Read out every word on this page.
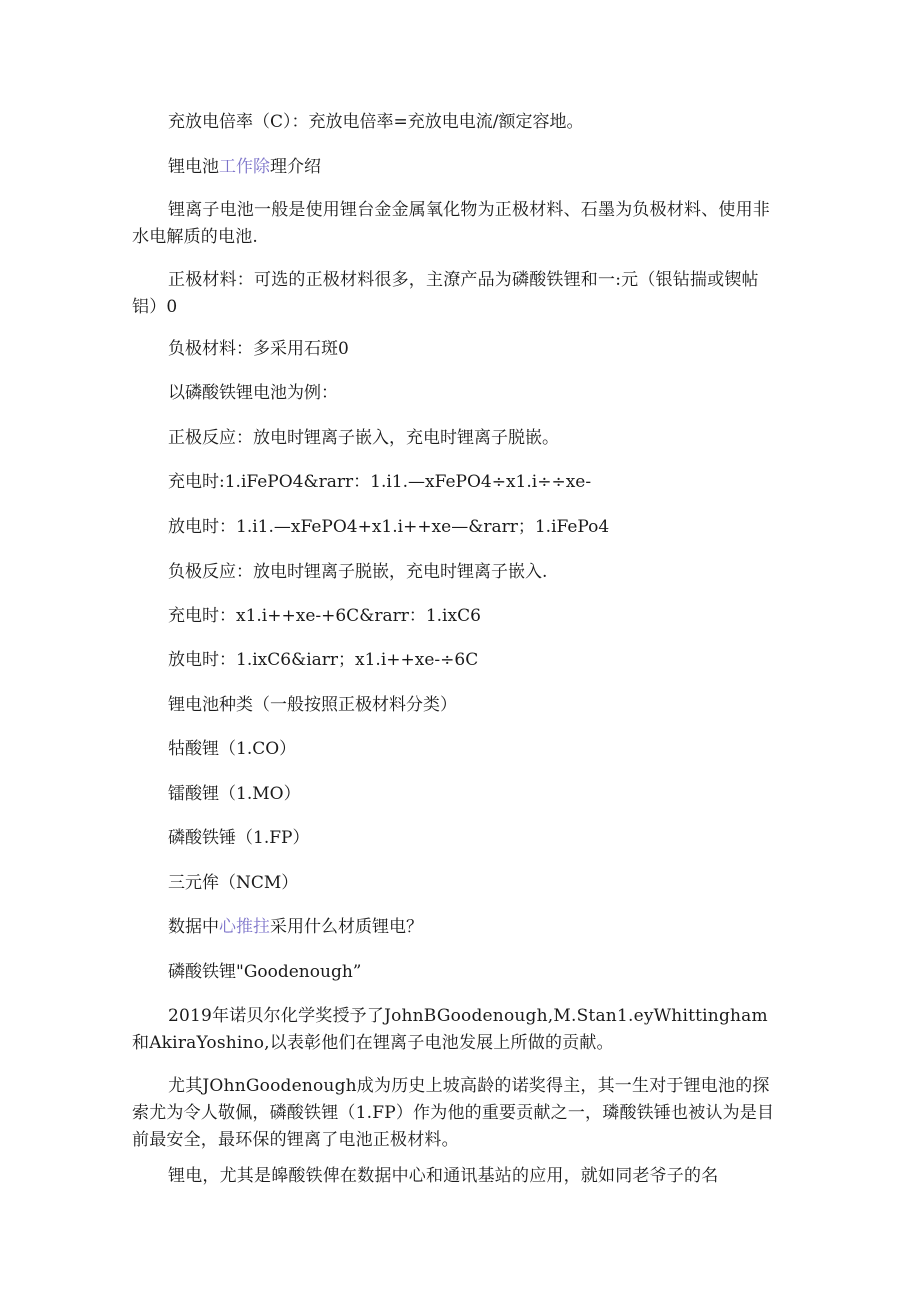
充放电倍率（C）：充放电倍率=充放电电流/额定容地。
锂电池工作除理介绍
锂离子电池一般是使用锂台金金属氧化物为正极材料、石墨为负极材料、使用非水电解质的电池.
正极材料：可选的正极材料很多，主潦产品为磷酸铁锂和一:元（银钻揣或锲帖铝）0
负极材料：多采用石斑0
以磷酸铁锂电池为例：
正极反应：放电时锂离子嵌入，充电时锂离子脱嵌。
充电时:1.iFePO4&rarr：1.i1.—xFePO4÷x1.i÷÷xe-
放电时：1.i1.—xFePO4+x1.i++xe—&rarr；1.iFePo4
负极反应：放电时锂离子脱嵌，充电时锂离子嵌入.
充电时：x1.i++xe-+6C&rarr：1.ixC6
放电时：1.ixC6&iarr；x1.i++xe-÷6C
锂电池种类（一般按照正极材料分类）
牯酸锂（1.CO）
镭酸锂（1.MO）
磷酸铁锤（1.FP）
三元侔（NCM）
数据中心推拄采用什么材质锂电？
磷酸铁锂"Goodenough”
2019年诺贝尔化学奖授予了JohnBGoodenough,M.Stan1.eyWhittingham和AkiraYoshino,以表彰他们在锂离子电池发展上所做的贡献。
尤其JOhnGoodenough成为历史上坡高龄的诺奖得主，其一生对于锂电池的探索尤为令人敬佩，磷酸铁锂（1.FP）作为他的重要贡献之一，璘酸铁锤也被认为是目前最安全，最环保的锂离了电池正极材料。
锂电，尤其是皞酸铁俾在数据中心和通讯基站的应用，就如同老爷子的名
